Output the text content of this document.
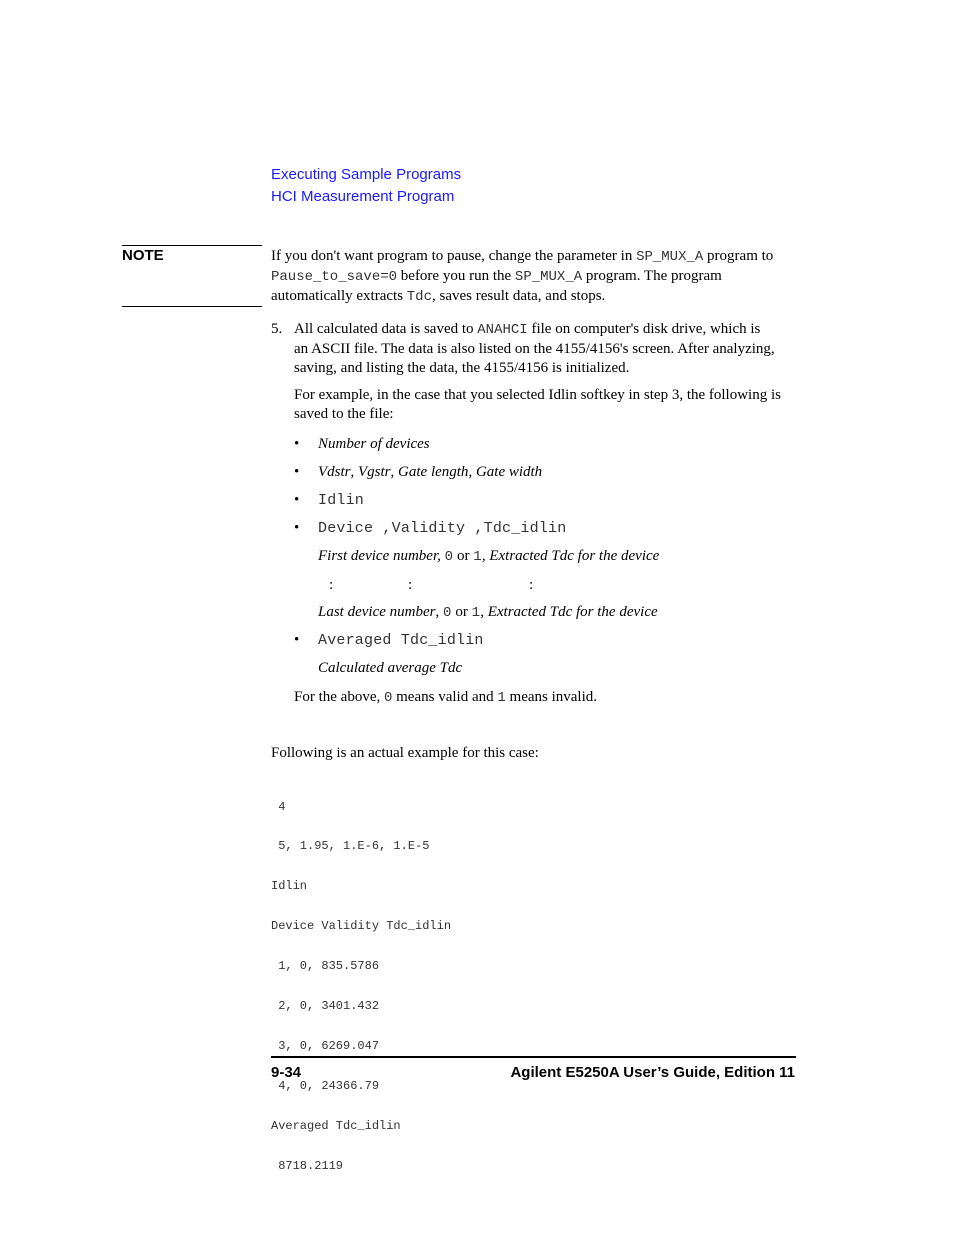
Executing Sample Programs
HCI Measurement Program
NOTE	If you don't want program to pause, change the parameter in SP_MUX_A program to
Pause_to_save=0 before you run the SP_MUX_A program. The program
automatically extracts Tdc, saves result data, and stops.
5. All calculated data is saved to ANAHCI file on computer's disk drive, which is
an ASCII file. The data is also listed on the 4155/4156's screen. After analyzing,
saving, and listing the data, the 4155/4156 is initialized.
For example, in the case that you selected Idlin softkey in step 3, the following is
saved to the file:
• Number of devices
• Vdstr, Vgstr, Gate length, Gate width
• Idlin
• Device ,Validity ,Tdc_idlin
First device number, 0 or 1, Extracted Tdc for the device
:	:	:
Last device number, 0 or 1, Extracted Tdc for the device
• Averaged Tdc_idlin
Calculated average Tdc
For the above, 0 means valid and 1 means invalid.
Following is an actual example for this case:

4

5, 1.95, 1.E-6, 1.E-5

Idlin

Device Validity Tdc_idlin

1, 0, 835.5786

2, 0, 3401.432

3, 0, 6269.047

4, 0, 24366.79

Averaged Tdc_idlin

8718.2119

9-34	Agilent E5250A User’s Guide, Edition 11
